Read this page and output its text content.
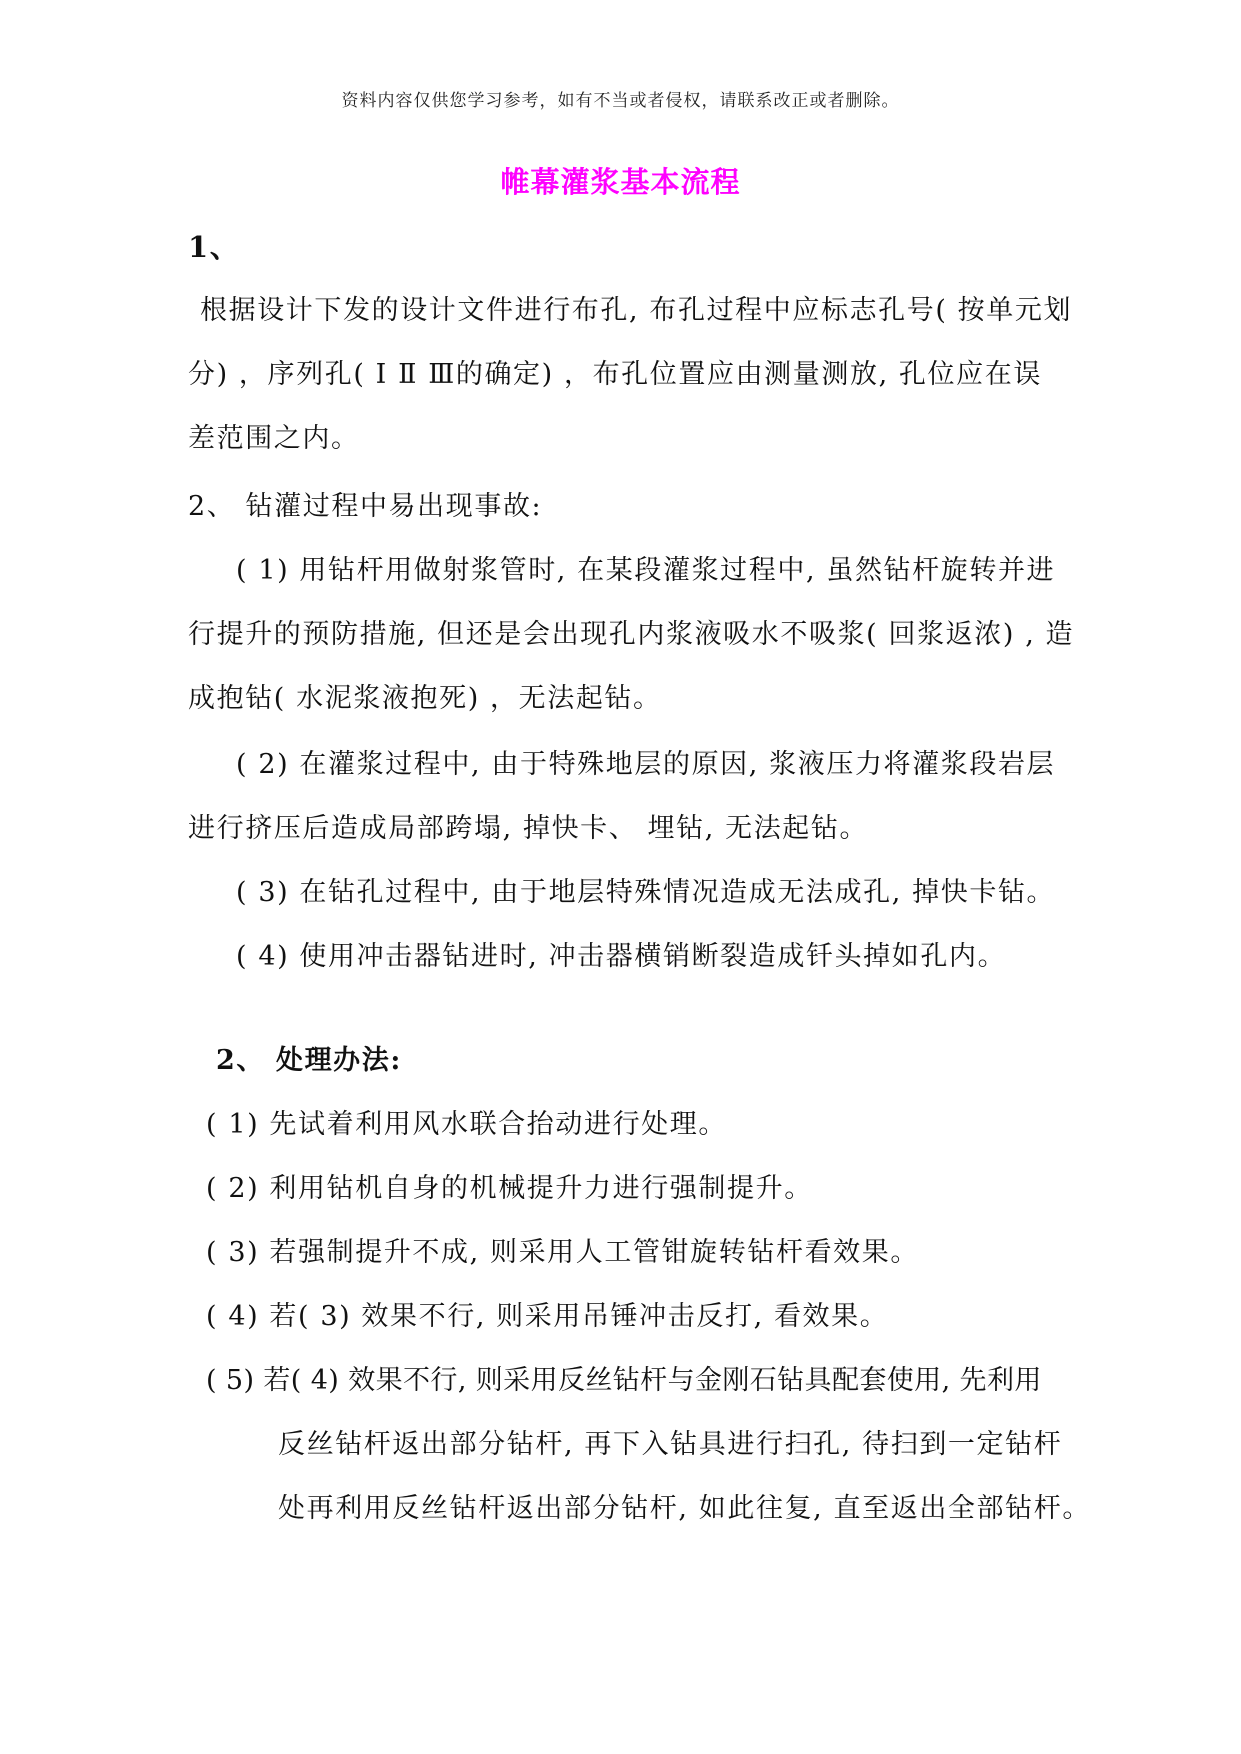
资料内容仅供您学习参考，如有不当或者侵权，请联系改正或者删除。
帷幕灌浆基本流程
1、
根据设计下发的设计文件进行布孔, 布孔过程中应标志孔号( 按单元划
分) ，序列孔( Ⅰ Ⅱ Ⅲ的确定) ，布孔位置应由测量测放, 孔位应在误
差范围之内。
2、 钻灌过程中易出现事故:
( 1) 用钻杆用做射浆管时, 在某段灌浆过程中, 虽然钻杆旋转并进
行提升的预防措施, 但还是会出现孔内浆液吸水不吸浆( 回浆返浓) , 造
成抱钻( 水泥浆液抱死) ，无法起钻。
( 2) 在灌浆过程中, 由于特殊地层的原因, 浆液压力将灌浆段岩层
进行挤压后造成局部跨塌, 掉快卡、 埋钻, 无法起钻。
( 3) 在钻孔过程中, 由于地层特殊情况造成无法成孔, 掉快卡钻。
( 4) 使用冲击器钻进时, 冲击器横销断裂造成钎头掉如孔内。
2、 处理办法:
( 1) 先试着利用风水联合抬动进行处理。
( 2) 利用钻机自身的机械提升力进行强制提升。
( 3) 若强制提升不成, 则采用人工管钳旋转钻杆看效果。
( 4) 若( 3) 效果不行, 则采用吊锤冲击反打, 看效果。
( 5) 若( 4) 效果不行, 则采用反丝钻杆与金刚石钻具配套使用, 先利用
反丝钻杆返出部分钻杆, 再下入钻具进行扫孔, 待扫到一定钻杆
处再利用反丝钻杆返出部分钻杆, 如此往复, 直至返出全部钻杆。
